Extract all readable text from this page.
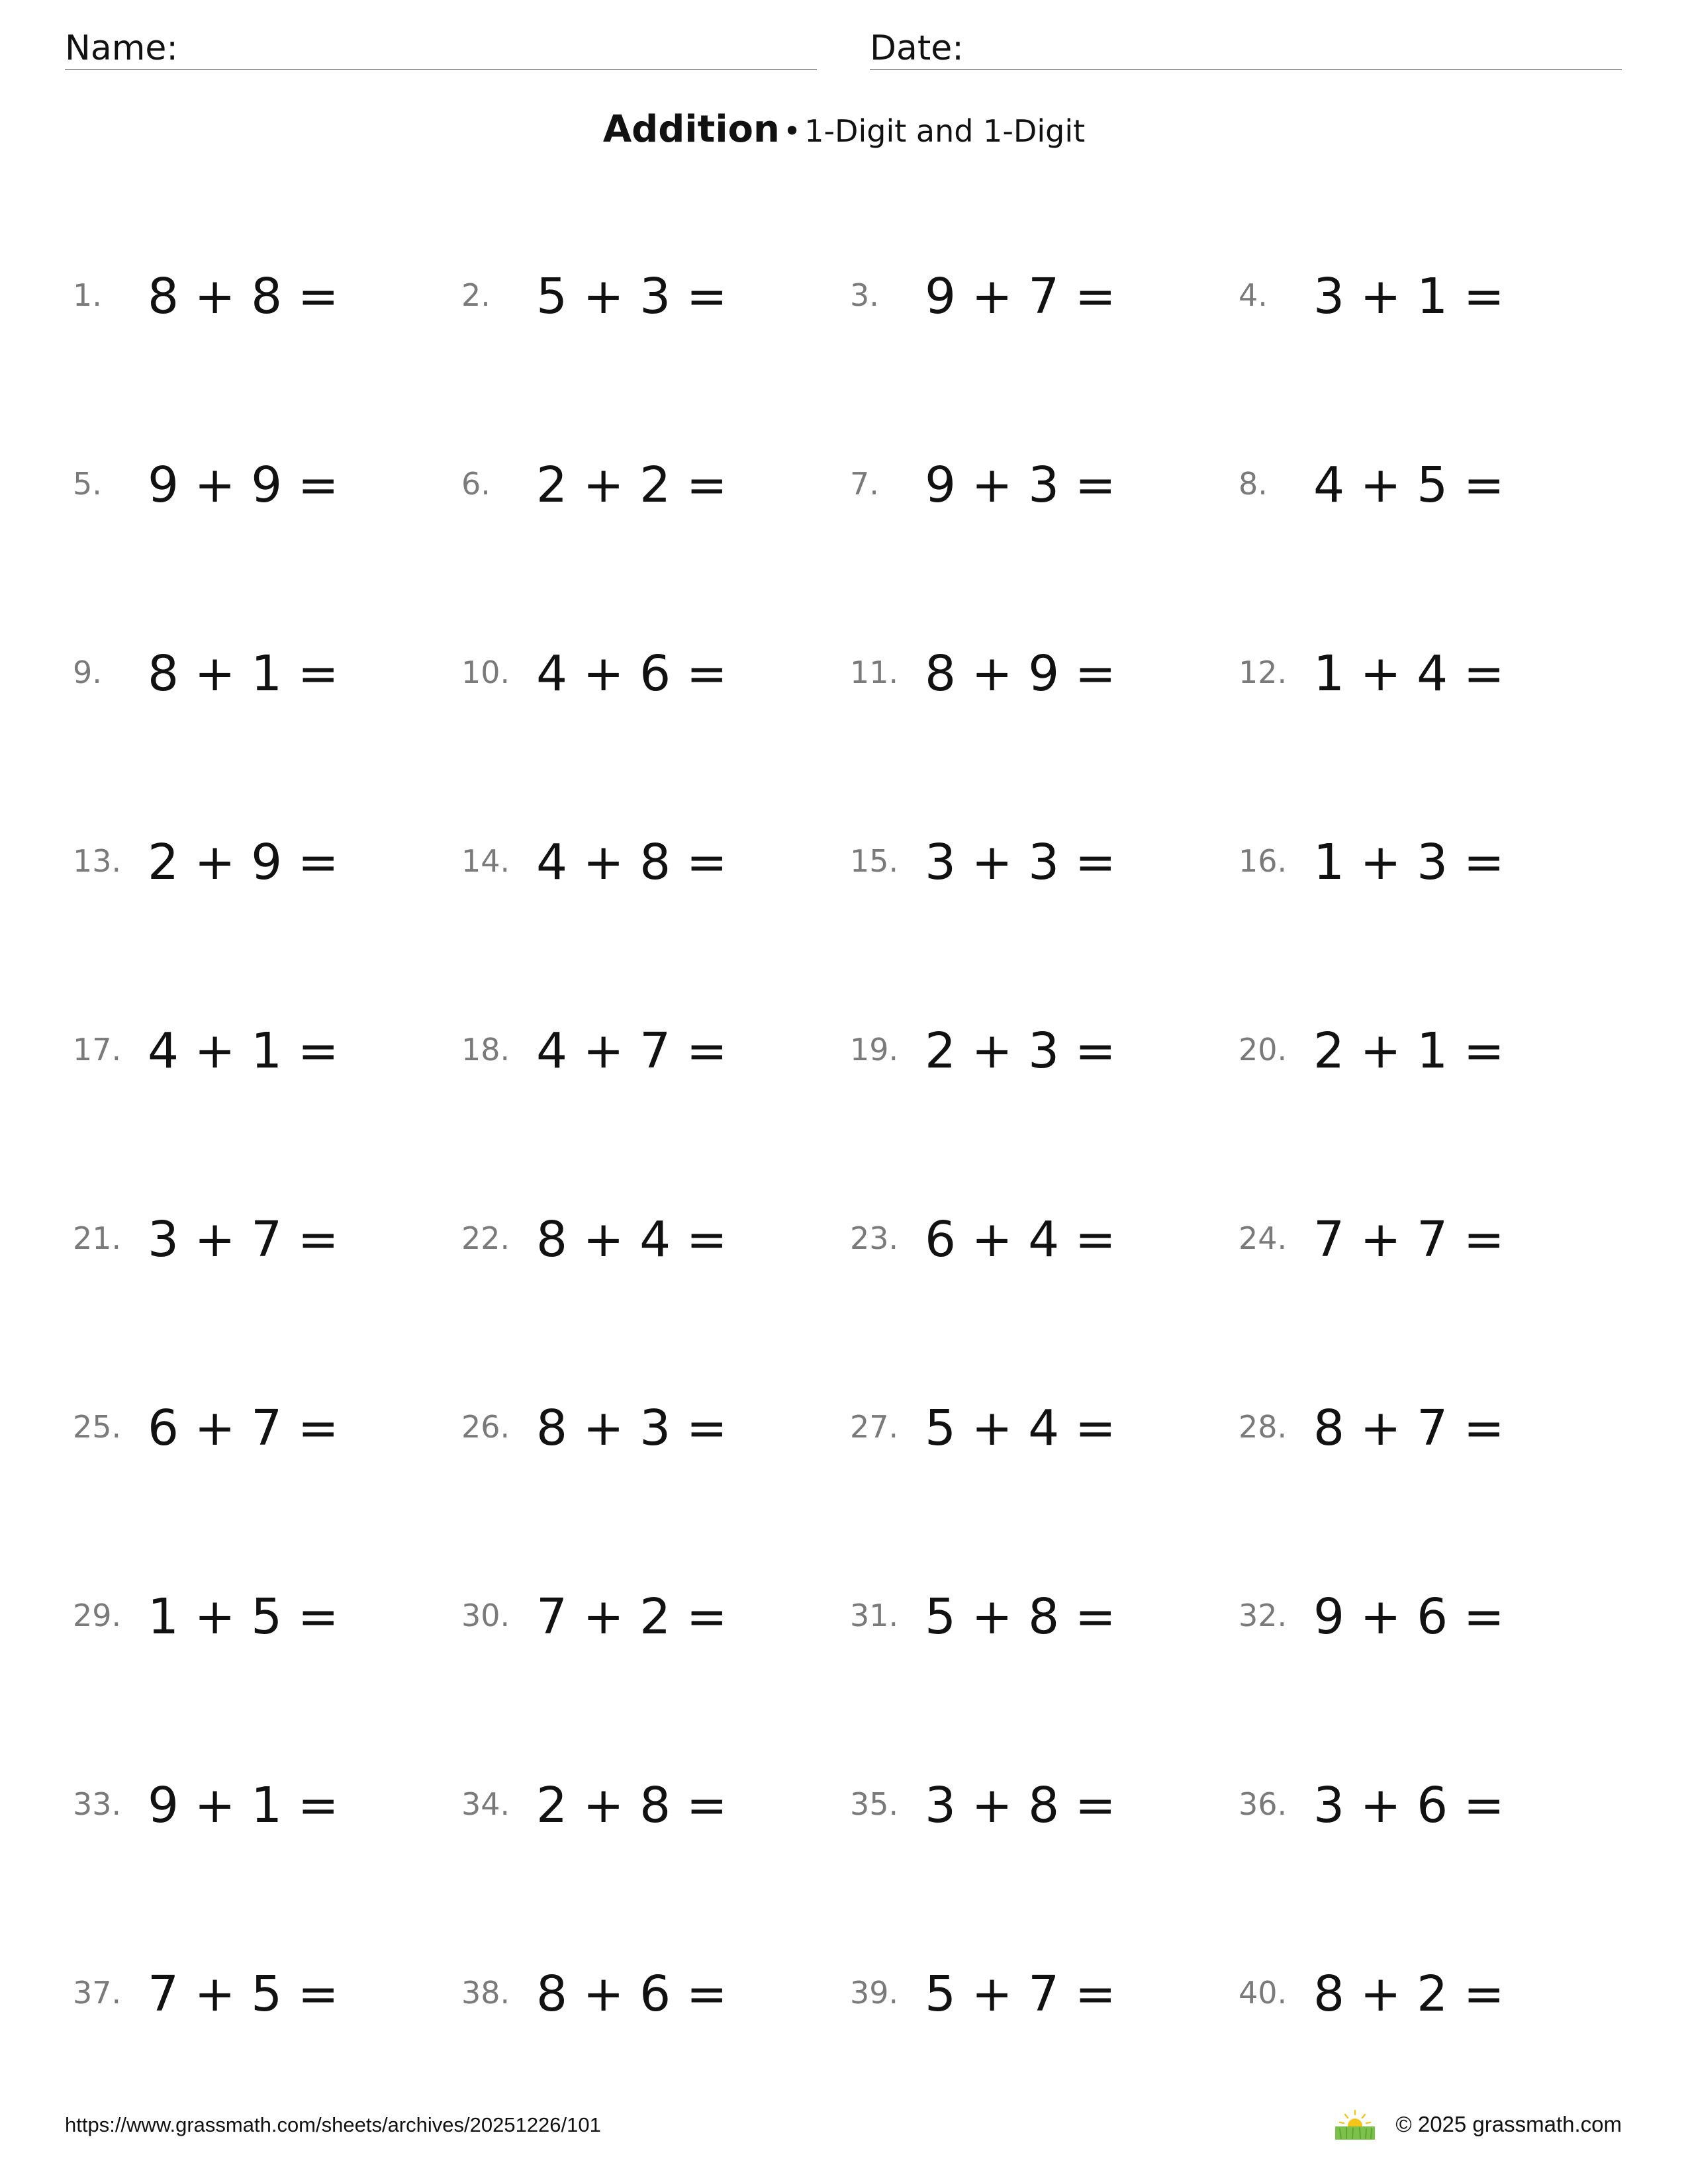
Name:	Date:
Addition • 1-Digit and 1-Digit
1. 8 + 8 =	2. 5 + 3 =	3. 9 + 7 =	4. 3 + 1 =
5. 9 + 9 =	6. 2 + 2 =	7. 9 + 3 =	8. 4 + 5 =
9. 8 + 1 =	10. 4 + 6 =	11. 8 + 9 =	12. 1 + 4 =
13. 2 + 9 =	14. 4 + 8 =	15. 3 + 3 =	16. 1 + 3 =
17. 4 + 1 =	18. 4 + 7 =	19. 2 + 3 =	20. 2 + 1 =
21. 3 + 7 =	22. 8 + 4 =	23. 6 + 4 =	24. 7 + 7 =
25. 6 + 7 =	26. 8 + 3 =	27. 5 + 4 =	28. 8 + 7 =
29. 1 + 5 =	30. 7 + 2 =	31. 5 + 8 =	32. 9 + 6 =
33. 9 + 1 =	34. 2 + 8 =	35. 3 + 8 =	36. 3 + 6 =
37. 7 + 5 =	38. 8 + 6 =	39. 5 + 7 =	40. 8 + 2 =
https://www.grassmath.com/sheets/archives/20251226/101	© 2025 grassmath.com
